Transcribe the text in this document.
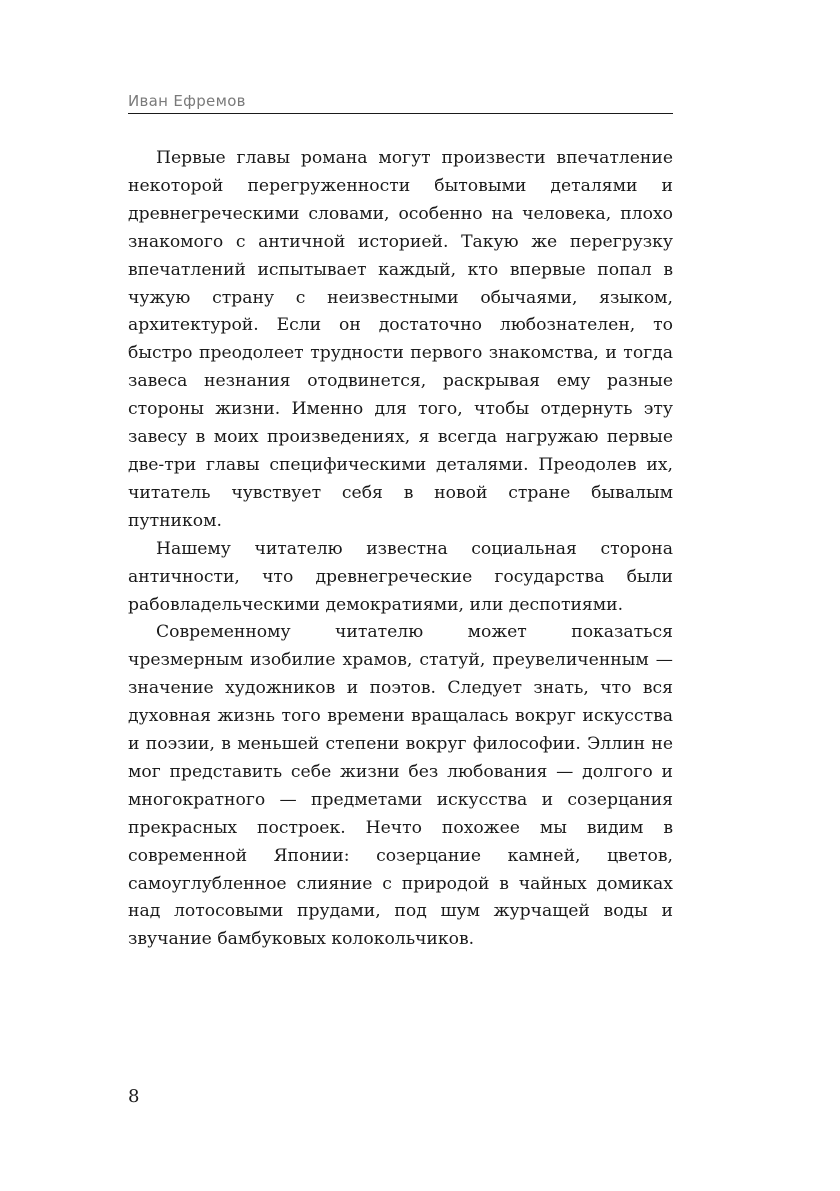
Иван Ефремов

Первые главы романа могут произвести впечатление некоторой перегруженности бытовыми деталями и древнегреческими словами, особенно на человека, плохо знакомого с античной историей. Такую же перегрузку впечатлений испытывает каждый, кто впервые попал в чужую страну с неизвестными обычаями, языком, архитектурой. Если он достаточно любознателен, то быстро преодолеет трудности первого знакомства, и тогда завеса незнания отодвинется, раскрывая ему разные стороны жизни. Именно для того, чтобы отдернуть эту завесу в моих произведениях, я всегда нагружаю первые две-три главы специфическими деталями. Преодолев их, читатель чувствует себя в новой стране бывалым путником.

Нашему читателю известна социальная сторона античности, что древнегреческие государства были рабовладельческими демократиями, или деспотиями.

Современному читателю может показаться чрезмерным изобилие храмов, статуй, преувеличенным — значение художников и поэтов. Следует знать, что вся духовная жизнь того времени вращалась вокруг искусства и поэзии, в меньшей степени вокруг философии. Эллин не мог представить себе жизни без любования — долгого и многократного — предметами искусства и созерцания прекрасных построек. Нечто похожее мы видим в современной Японии: созерцание камней, цветов, самоуглубленное слияние с природой в чайных домиках над лотосовыми прудами, под шум журчащей воды и звучание бамбуковых колокольчиков.

8
